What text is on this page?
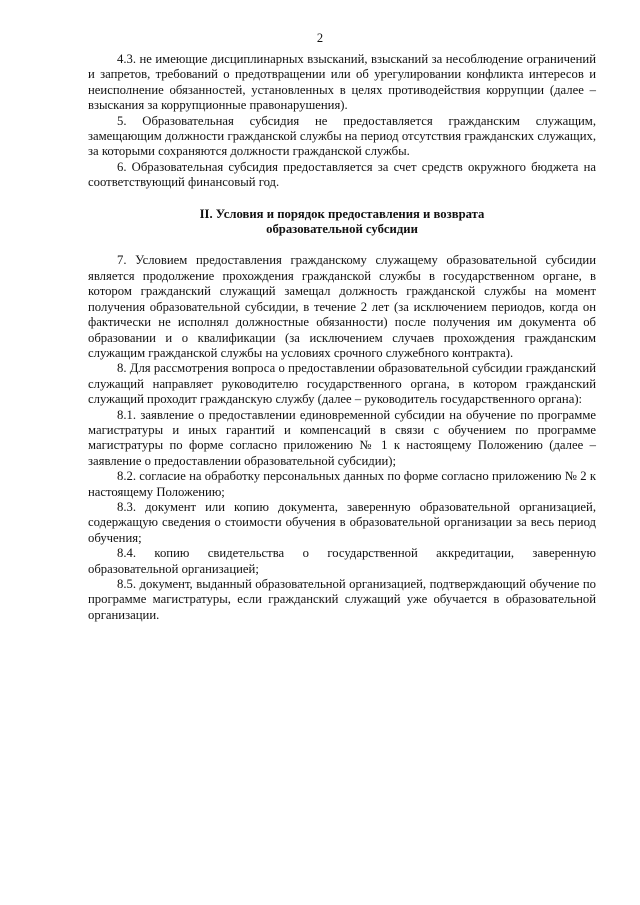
2

4.3. не имеющие дисциплинарных взысканий, взысканий за несоблюдение ограничений и запретов, требований о предотвращении или об урегулировании конфликта интересов и неисполнение обязанностей, установленных в целях противодействия коррупции (далее – взыскания за коррупционные правонарушения).

5. Образовательная субсидия не предоставляется гражданским служащим, замещающим должности гражданской службы на период отсутствия гражданских служащих, за которыми сохраняются должности гражданской службы.

6. Образовательная субсидия предоставляется за счет средств окружного бюджета на соответствующий финансовый год.

II. Условия и порядок предоставления и возврата
образовательной субсидии

7. Условием предоставления гражданскому служащему образовательной субсидии является продолжение прохождения гражданской службы в государственном органе, в котором гражданский служащий замещал должность гражданской службы на момент получения образовательной субсидии, в течение 2 лет (за исключением периодов, когда он фактически не исполнял должностные обязанности) после получения им документа об образовании и о квалификации (за исключением случаев прохождения гражданским служащим гражданской службы на условиях срочного служебного контракта).

8. Для рассмотрения вопроса о предоставлении образовательной субсидии гражданский служащий направляет руководителю государственного органа, в котором гражданский служащий проходит гражданскую службу (далее – руководитель государственного органа):

8.1. заявление о предоставлении единовременной субсидии на обучение по программе магистратуры и иных гарантий и компенсаций в связи с обучением по программе магистратуры по форме согласно приложению № 1 к настоящему Положению (далее – заявление о предоставлении образовательной субсидии);

8.2. согласие на обработку персональных данных по форме согласно приложению № 2 к настоящему Положению;

8.3. документ или копию документа, заверенную образовательной организацией, содержащую сведения о стоимости обучения в образовательной организации за весь период обучения;

8.4. копию свидетельства о государственной аккредитации, заверенную образовательной организацией;

8.5. документ, выданный образовательной организацией, подтверждающий обучение по программе магистратуры, если гражданский служащий уже обучается в образовательной организации.
